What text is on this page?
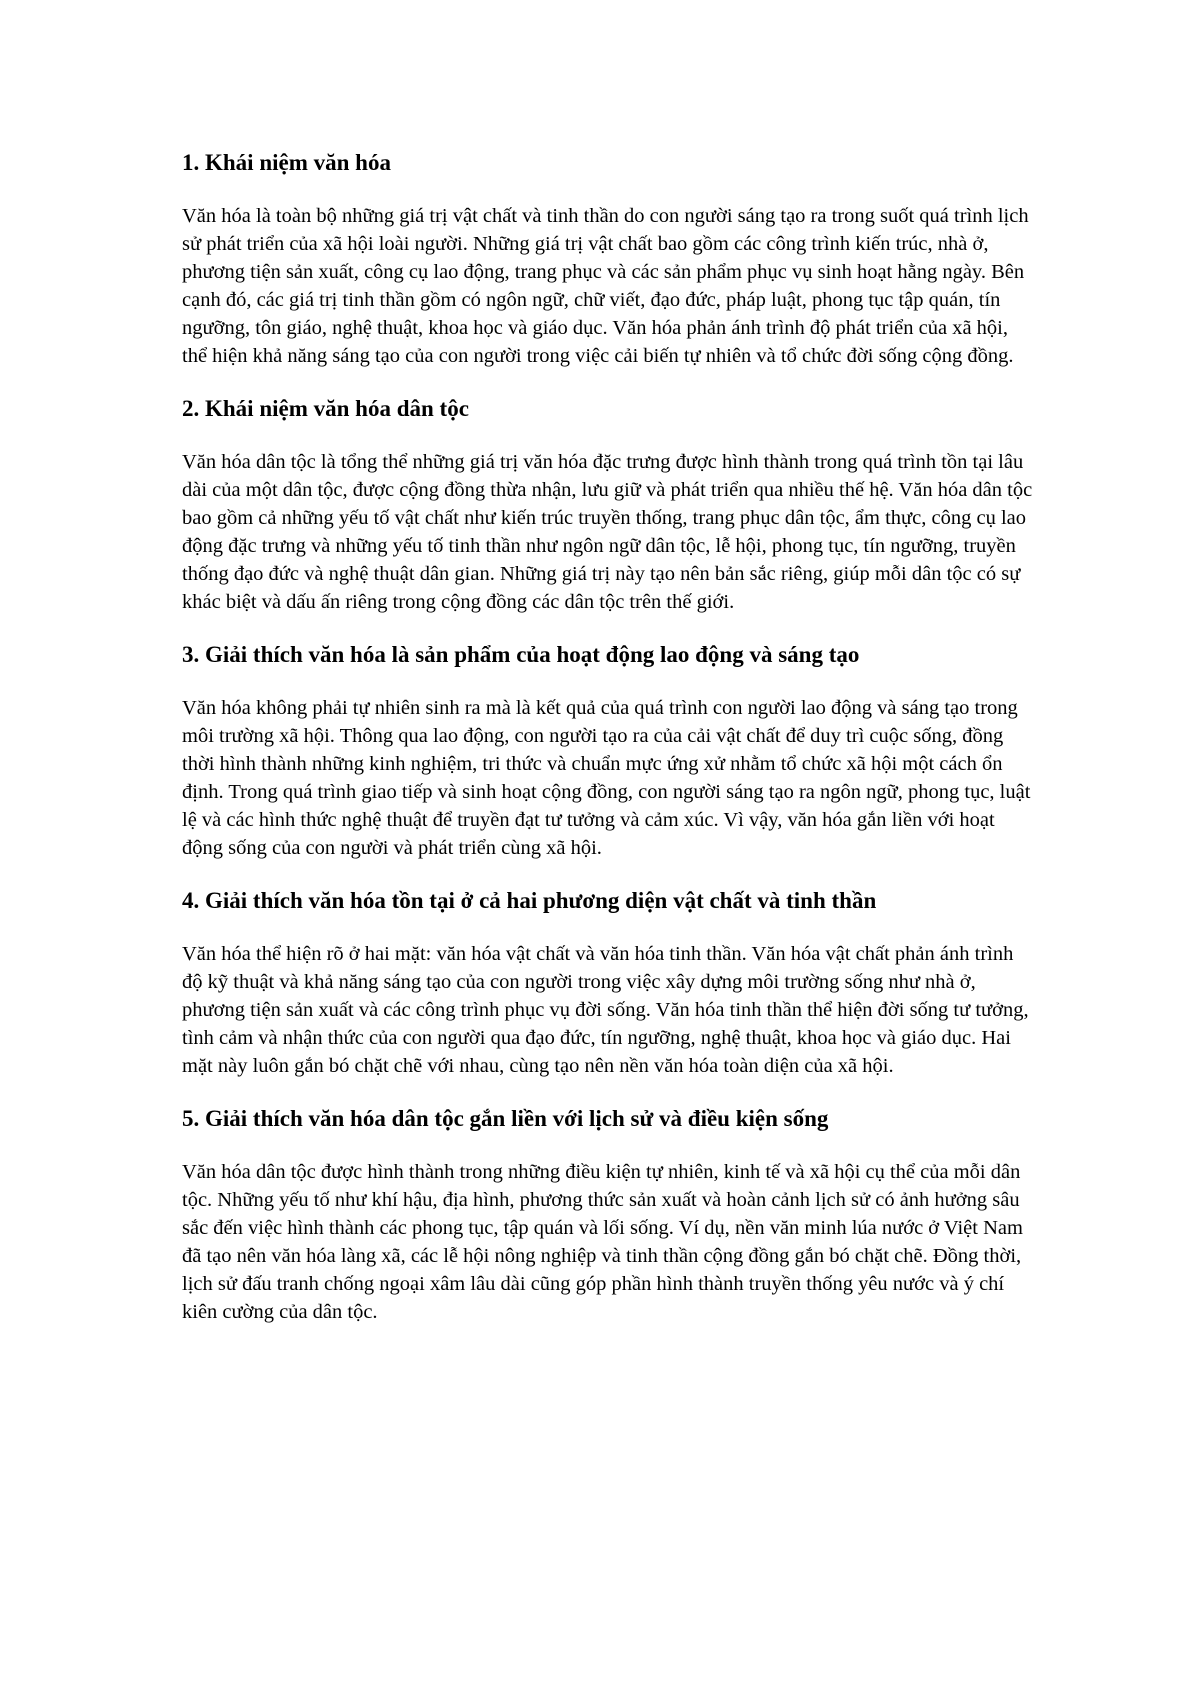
1. Khái niệm văn hóa

Văn hóa là toàn bộ những giá trị vật chất và tinh thần do con người sáng tạo ra trong suốt quá trình lịch sử phát triển của xã hội loài người. Những giá trị vật chất bao gồm các công trình kiến trúc, nhà ở, phương tiện sản xuất, công cụ lao động, trang phục và các sản phẩm phục vụ sinh hoạt hằng ngày. Bên cạnh đó, các giá trị tinh thần gồm có ngôn ngữ, chữ viết, đạo đức, pháp luật, phong tục tập quán, tín ngưỡng, tôn giáo, nghệ thuật, khoa học và giáo dục. Văn hóa phản ánh trình độ phát triển của xã hội, thể hiện khả năng sáng tạo của con người trong việc cải biến tự nhiên và tổ chức đời sống cộng đồng.

2. Khái niệm văn hóa dân tộc

Văn hóa dân tộc là tổng thể những giá trị văn hóa đặc trưng được hình thành trong quá trình tồn tại lâu dài của một dân tộc, được cộng đồng thừa nhận, lưu giữ và phát triển qua nhiều thế hệ. Văn hóa dân tộc bao gồm cả những yếu tố vật chất như kiến trúc truyền thống, trang phục dân tộc, ẩm thực, công cụ lao động đặc trưng và những yếu tố tinh thần như ngôn ngữ dân tộc, lễ hội, phong tục, tín ngưỡng, truyền thống đạo đức và nghệ thuật dân gian. Những giá trị này tạo nên bản sắc riêng, giúp mỗi dân tộc có sự khác biệt và dấu ấn riêng trong cộng đồng các dân tộc trên thế giới.

3. Giải thích văn hóa là sản phẩm của hoạt động lao động và sáng tạo

Văn hóa không phải tự nhiên sinh ra mà là kết quả của quá trình con người lao động và sáng tạo trong môi trường xã hội. Thông qua lao động, con người tạo ra của cải vật chất để duy trì cuộc sống, đồng thời hình thành những kinh nghiệm, tri thức và chuẩn mực ứng xử nhằm tổ chức xã hội một cách ổn định. Trong quá trình giao tiếp và sinh hoạt cộng đồng, con người sáng tạo ra ngôn ngữ, phong tục, luật lệ và các hình thức nghệ thuật để truyền đạt tư tưởng và cảm xúc. Vì vậy, văn hóa gắn liền với hoạt động sống của con người và phát triển cùng xã hội.

4. Giải thích văn hóa tồn tại ở cả hai phương diện vật chất và tinh thần

Văn hóa thể hiện rõ ở hai mặt: văn hóa vật chất và văn hóa tinh thần. Văn hóa vật chất phản ánh trình độ kỹ thuật và khả năng sáng tạo của con người trong việc xây dựng môi trường sống như nhà ở, phương tiện sản xuất và các công trình phục vụ đời sống. Văn hóa tinh thần thể hiện đời sống tư tưởng, tình cảm và nhận thức của con người qua đạo đức, tín ngưỡng, nghệ thuật, khoa học và giáo dục. Hai mặt này luôn gắn bó chặt chẽ với nhau, cùng tạo nên nền văn hóa toàn diện của xã hội.

5. Giải thích văn hóa dân tộc gắn liền với lịch sử và điều kiện sống

Văn hóa dân tộc được hình thành trong những điều kiện tự nhiên, kinh tế và xã hội cụ thể của mỗi dân tộc. Những yếu tố như khí hậu, địa hình, phương thức sản xuất và hoàn cảnh lịch sử có ảnh hưởng sâu sắc đến việc hình thành các phong tục, tập quán và lối sống. Ví dụ, nền văn minh lúa nước ở Việt Nam đã tạo nên văn hóa làng xã, các lễ hội nông nghiệp và tinh thần cộng đồng gắn bó chặt chẽ. Đồng thời, lịch sử đấu tranh chống ngoại xâm lâu dài cũng góp phần hình thành truyền thống yêu nước và ý chí kiên cường của dân tộc.
